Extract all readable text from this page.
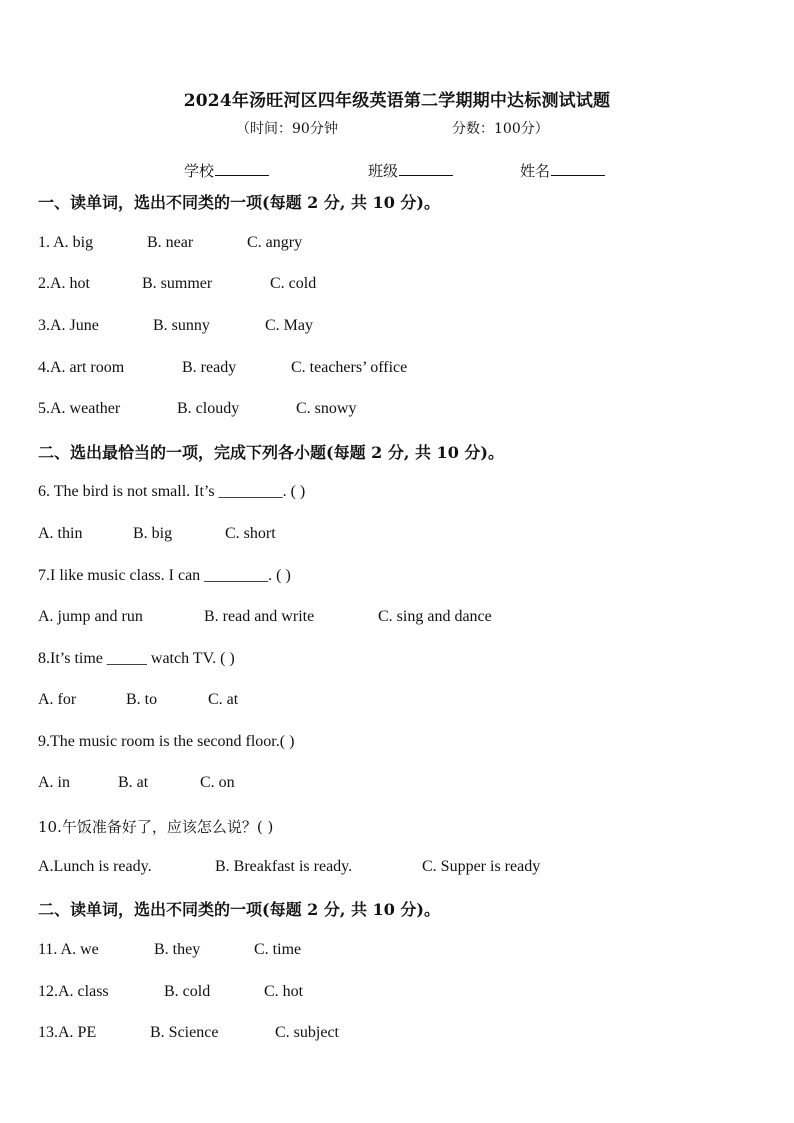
2024年汤旺河区四年级英语第二学期期中达标测试试题
（时间：90分钟	分数：100分）
学校	班级	姓名
一、读单词，选出不同类的一项(每题 2 分, 共 10 分)。
1. A. big	B. near	C. angry
2.A. hot	B. summer	C. cold
3.A. June	B. sunny	C. May
4.A. art room	B. ready	C. teachers’ office
5.A. weather	B. cloudy	C. snowy
二、选出最恰当的一项，完成下列各小题(每题 2 分, 共 10 分)。
6. The bird is not small. It’s ________. ( )
A. thin	B. big	C. short
7.I like music class. I can ________. ( )
A. jump and run	B. read and write	C. sing and dance
8.It’s time _____ watch TV. ( )
A. for	B. to	C. at
9.The music room is the second floor.( )
A. in	B. at	C. on
10.午饭准备好了，应该怎么说？( )
A.Lunch is ready.	B. Breakfast is ready.	C. Supper is ready
二、读单词，选出不同类的一项(每题 2 分, 共 10 分)。
11. A. we	B. they	C. time
12.A. class	B. cold	C. hot
13.A. PE	B. Science	C. subject
